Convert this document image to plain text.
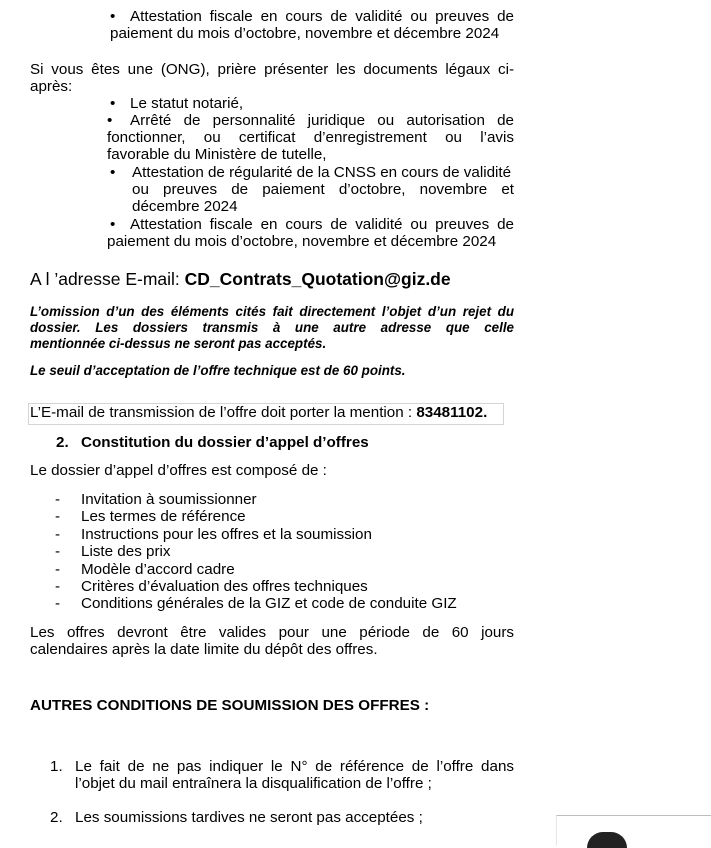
• Attestation fiscale en cours de validité ou preuves de
paiement du mois d’octobre, novembre et décembre 2024
Si vous êtes une (ONG), prière présenter les documents légaux ci-
après:
• Le statut notarié,
• Arrêté de personnalité juridique ou autorisation de
fonctionner, ou certificat d’enregistrement ou l’avis
favorable du Ministère de tutelle,
• Attestation de régularité de la CNSS en cours de validité
ou preuves de paiement d’octobre, novembre et
décembre 2024
• Attestation fiscale en cours de validité ou preuves de
paiement du mois d’octobre, novembre et décembre 2024
A l ’adresse E-mail: CD_Contrats_Quotation@giz.de
L’omission d’un des éléments cités fait directement l’objet d’un rejet du
dossier. Les dossiers transmis à une autre adresse que celle
mentionnée ci-dessus ne seront pas acceptés.
Le seuil d’acceptation de l’offre technique est de 60 points.
L’E-mail de transmission de l’offre doit porter la mention : 83481102.
2. Constitution du dossier d’appel d’offres
Le dossier d’appel d’offres est composé de :
- Invitation à soumissionner
- Les termes de référence
- Instructions pour les offres et la soumission
- Liste des prix
- Modèle d’accord cadre
- Critères d’évaluation des offres techniques
- Conditions générales de la GIZ et code de conduite GIZ
Les offres devront être valides pour une période de 60 jours
calendaires après la date limite du dépôt des offres.
AUTRES CONDITIONS DE SOUMISSION DES OFFRES :
1. Le fait de ne pas indiquer le N° de référence de l’offre dans
l’objet du mail entraînera la disqualification de l’offre ;
2. Les soumissions tardives ne seront pas acceptées ;
